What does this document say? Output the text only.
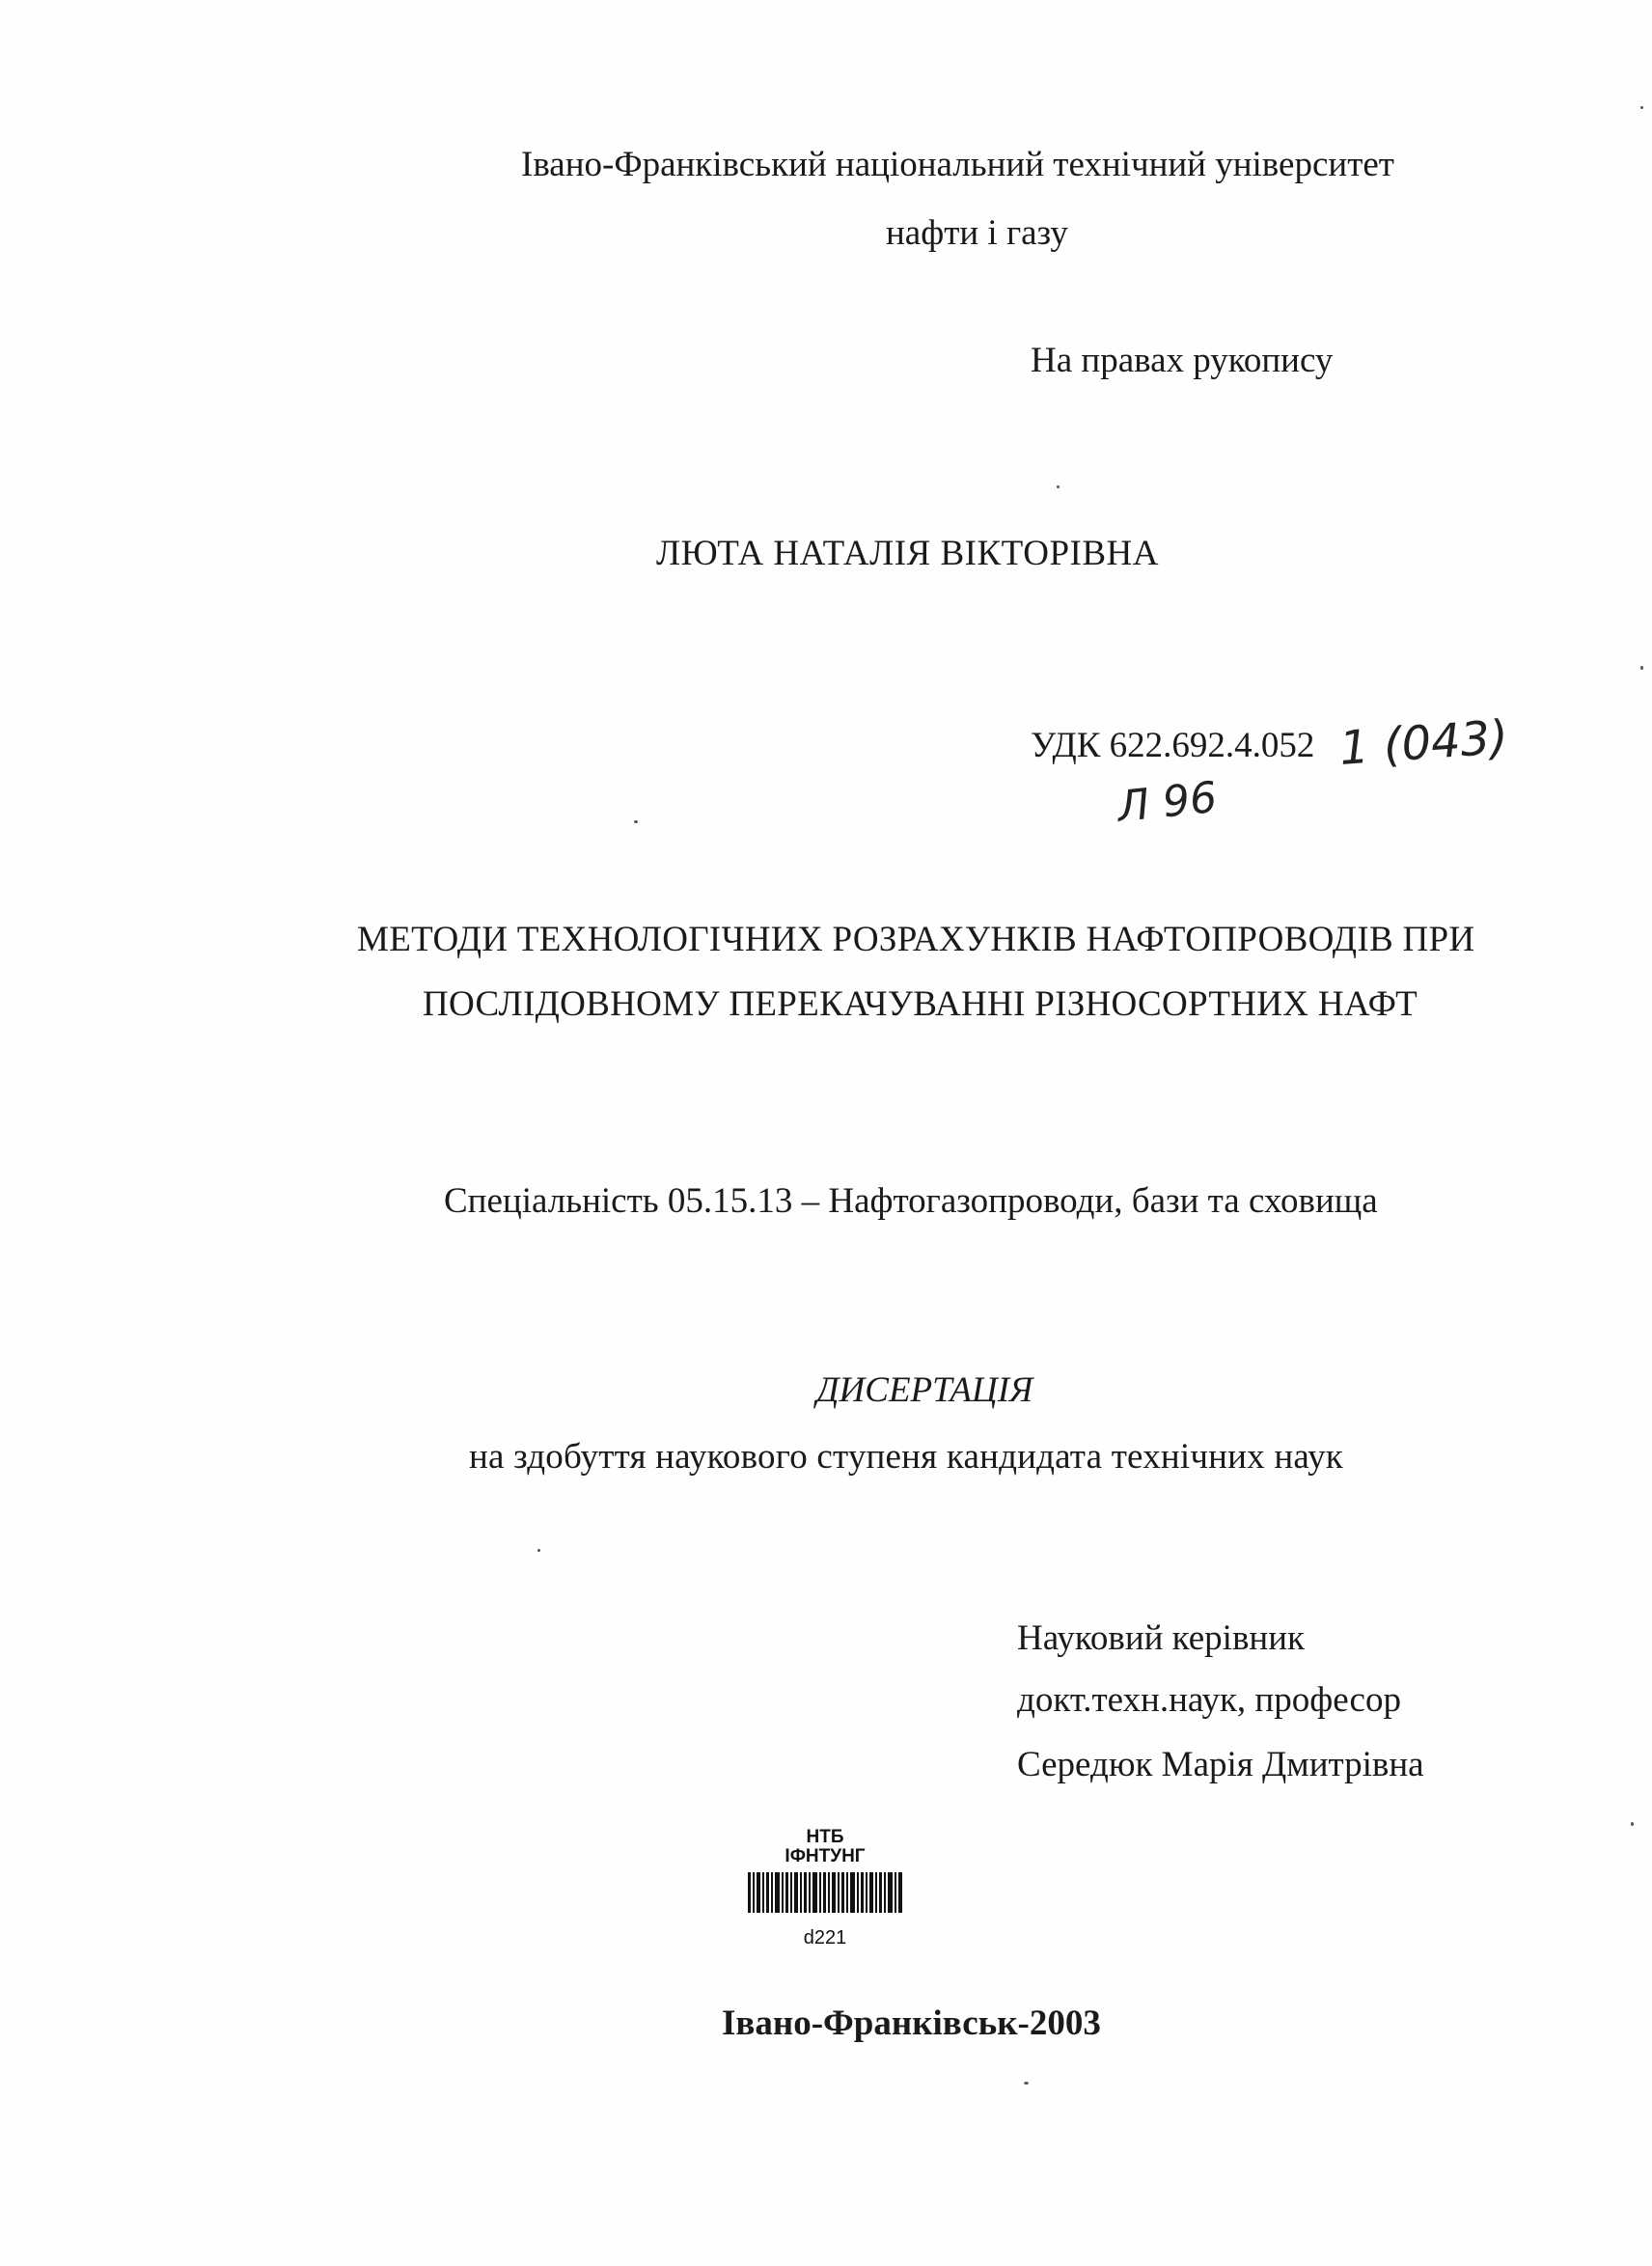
Івано-Франківський національний технічний університет
нафти і газу
На правах рукопису
ЛЮТА НАТАЛІЯ ВІКТОРІВНА
УДК 622.692.4.052 1 (043)
Л 96
МЕТОДИ ТЕХНОЛОГІЧНИХ РОЗРАХУНКІВ НАФТОПРОВОДІВ ПРИ
ПОСЛІДОВНОМУ ПЕРЕКАЧУВАННІ РІЗНОСОРТНИХ НАФТ
Спеціальність 05.15.13 – Нафтогазопроводи, бази та сховища
ДИСЕРТАЦІЯ
на здобуття наукового ступеня кандидата технічних наук
Науковий керівник
докт.техн.наук, професор
Середюк Марія Дмитрівна
НТБ
ІФНТУНГ
d221
Івано-Франківськ-2003
